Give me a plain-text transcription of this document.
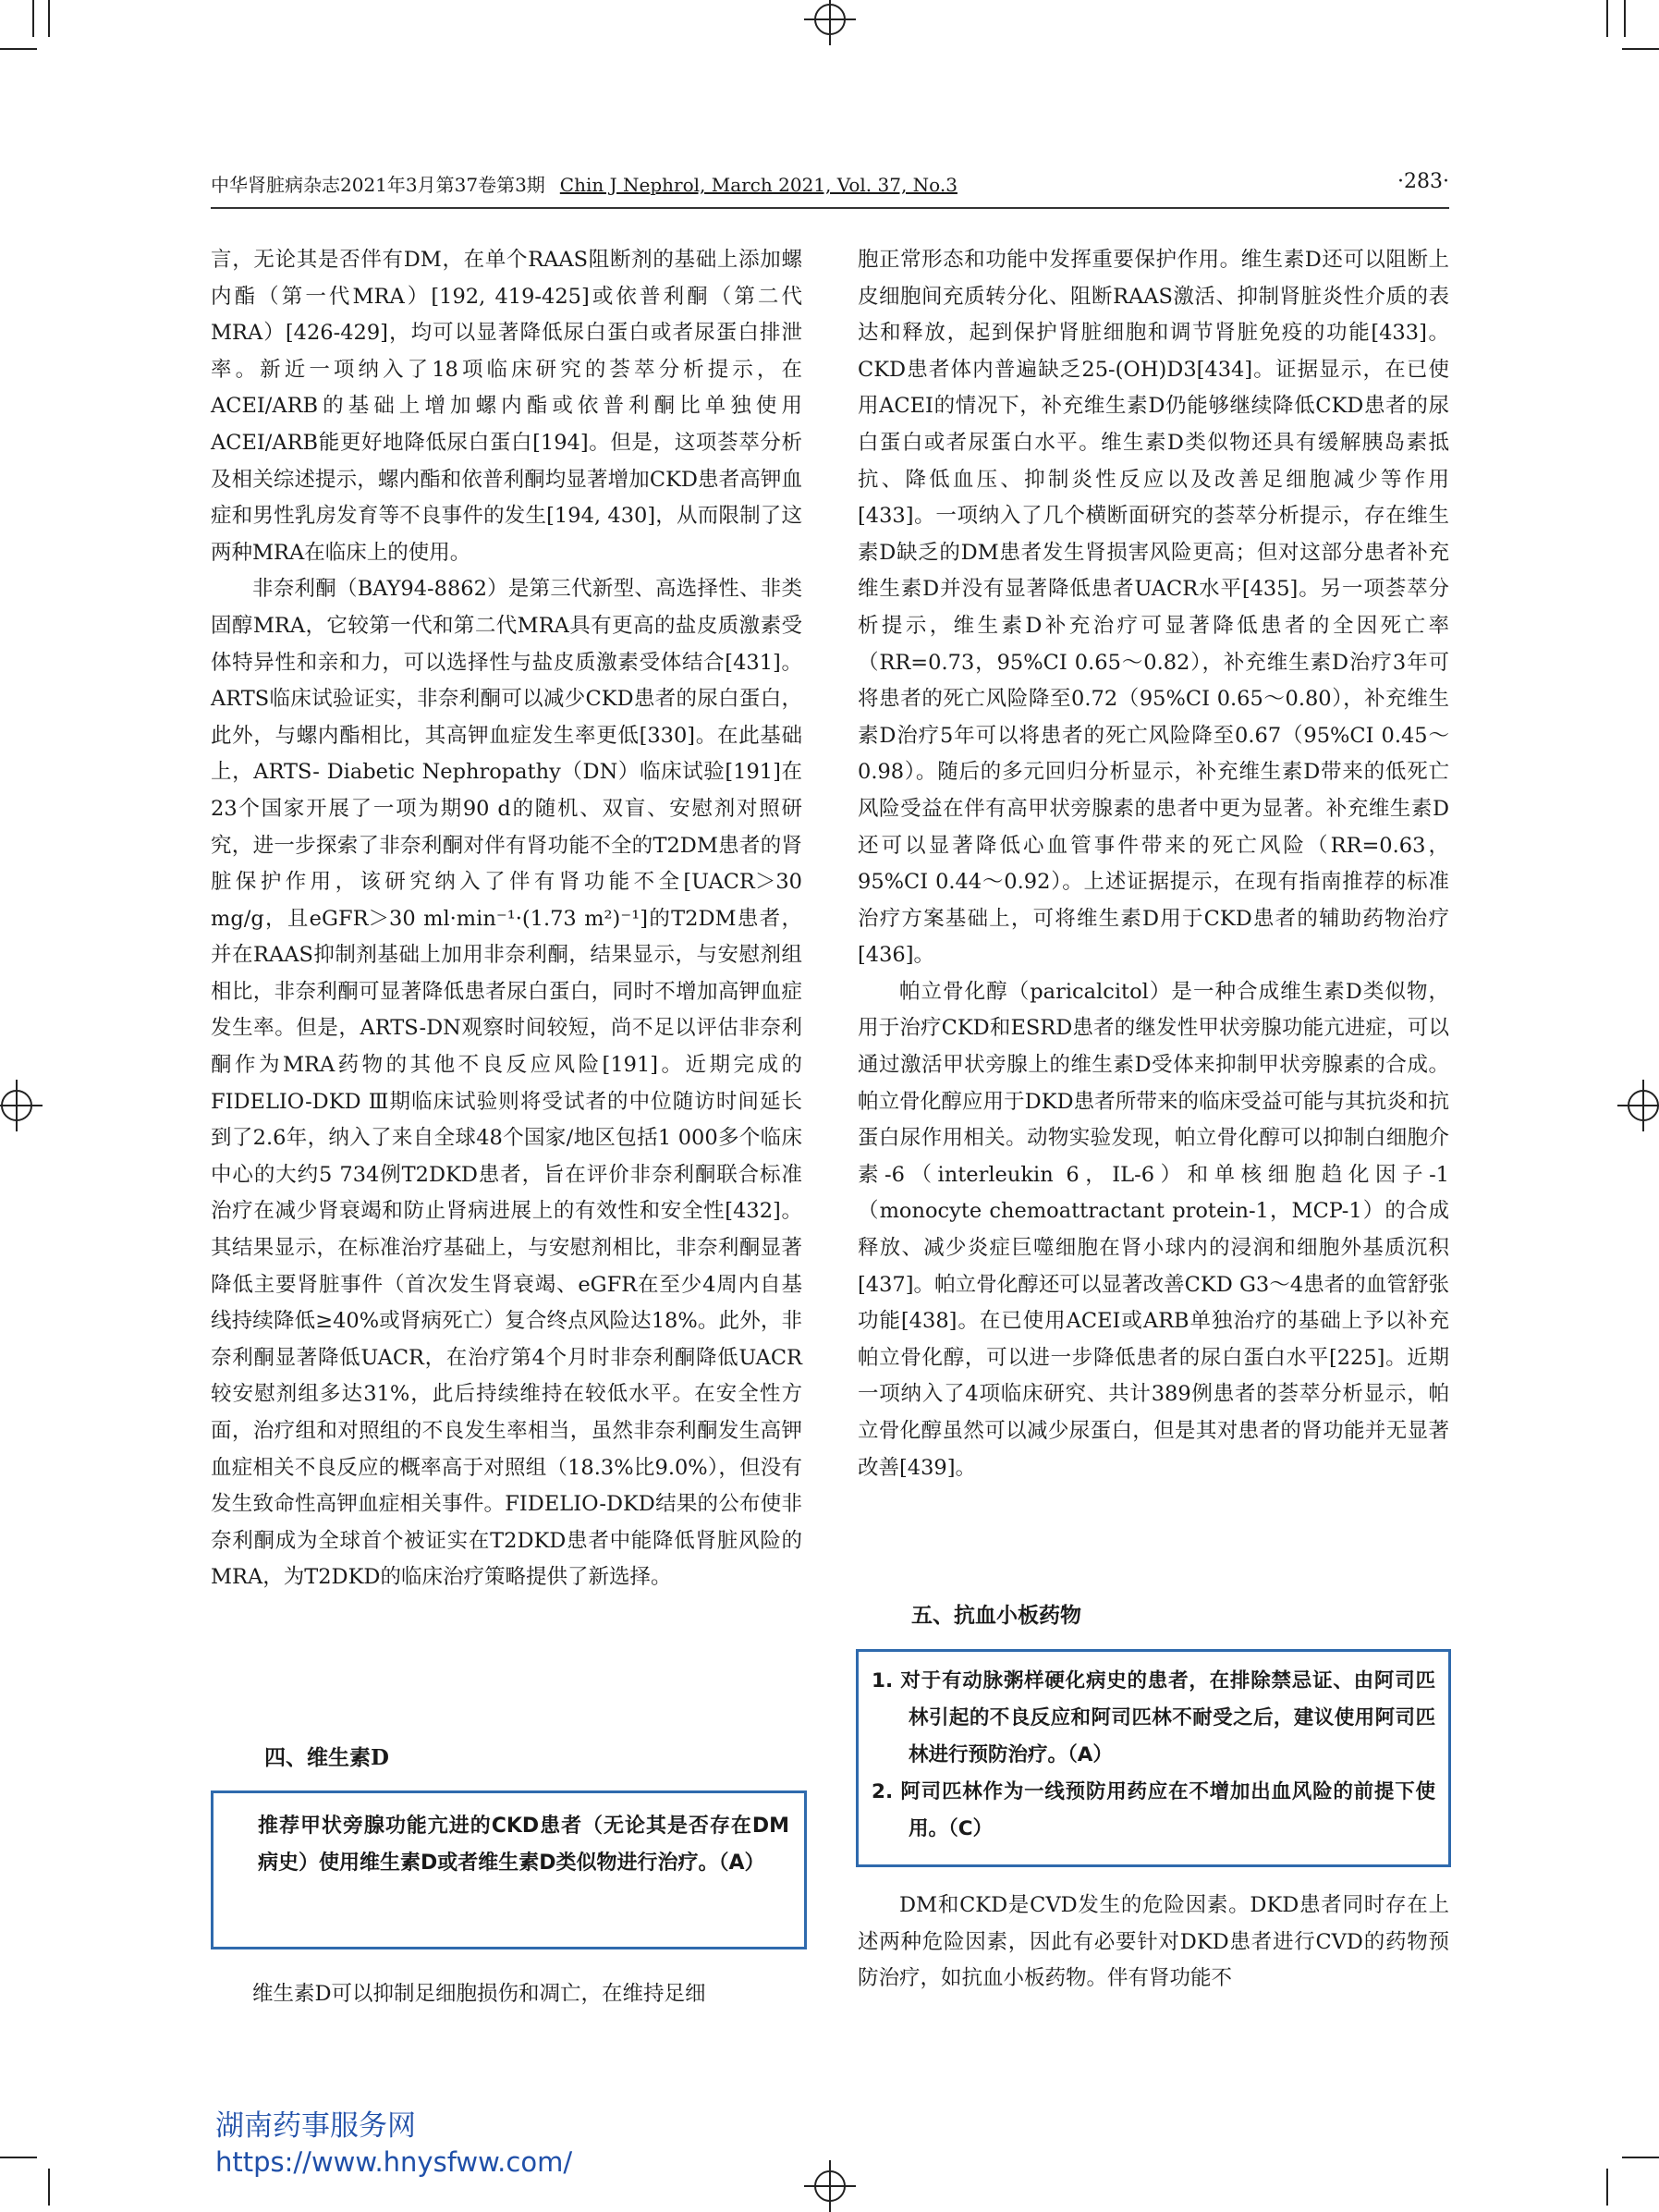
中华肾脏病杂志2021年3月第37卷第3期 Chin J Nephrol, March 2021, Vol. 37, No.3	·283·

言，无论其是否伴有DM，在单个RAAS阻断剂的基础上添加螺内酯（第一代MRA）[192, 419-425]或依普利酮（第二代MRA）[426-429]，均可以显著降低尿白蛋白或者尿蛋白排泄率。新近一项纳入了18项临床研究的荟萃分析提示，在ACEI/ARB的基础上增加螺内酯或依普利酮比单独使用ACEI/ARB能更好地降低尿白蛋白[194]。但是，这项荟萃分析及相关综述提示，螺内酯和依普利酮均显著增加CKD患者高钾血症和男性乳房发育等不良事件的发生[194, 430]，从而限制了这两种MRA在临床上的使用。

非奈利酮（BAY94-8862）是第三代新型、高选择性、非类固醇MRA，它较第一代和第二代MRA具有更高的盐皮质激素受体特异性和亲和力，可以选择性与盐皮质激素受体结合[431]。ARTS临床试验证实，非奈利酮可以减少CKD患者的尿白蛋白，此外，与螺内酯相比，其高钾血症发生率更低[330]。在此基础上，ARTS- Diabetic Nephropathy（DN）临床试验[191]在23个国家开展了一项为期90 d的随机、双盲、安慰剂对照研究，进一步探索了非奈利酮对伴有肾功能不全的T2DM患者的肾脏保护作用，该研究纳入了伴有肾功能不全[UACR＞30 mg/g，且eGFR＞30 ml·min⁻¹·(1.73 m²)⁻¹]的T2DM患者，并在RAAS抑制剂基础上加用非奈利酮，结果显示，与安慰剂组相比，非奈利酮可显著降低患者尿白蛋白，同时不增加高钾血症发生率。但是，ARTS-DN观察时间较短，尚不足以评估非奈利酮作为MRA药物的其他不良反应风险[191]。近期完成的FIDELIO-DKD Ⅲ期临床试验则将受试者的中位随访时间延长到了2.6年，纳入了来自全球48个国家/地区包括1 000多个临床中心的大约5 734例T2DKD患者，旨在评价非奈利酮联合标准治疗在减少肾衰竭和防止肾病进展上的有效性和安全性[432]。其结果显示，在标准治疗基础上，与安慰剂相比，非奈利酮显著降低主要肾脏事件（首次发生肾衰竭、eGFR在至少4周内自基线持续降低≥40%或肾病死亡）复合终点风险达18%。此外，非奈利酮显著降低UACR，在治疗第4个月时非奈利酮降低UACR较安慰剂组多达31%，此后持续维持在较低水平。在安全性方面，治疗组和对照组的不良发生率相当，虽然非奈利酮发生高钾血症相关不良反应的概率高于对照组（18.3%比9.0%），但没有发生致命性高钾血症相关事件。FIDELIO-DKD结果的公布使非奈利酮成为全球首个被证实在T2DKD患者中能降低肾脏风险的MRA，为T2DKD的临床治疗策略提供了新选择。

四、维生素D

推荐甲状旁腺功能亢进的CKD患者（无论其是否存在DM病史）使用维生素D或者维生素D类似物进行治疗。（A）

维生素D可以抑制足细胞损伤和凋亡，在维持足细

胞正常形态和功能中发挥重要保护作用。维生素D还可以阻断上皮细胞间充质转分化、阻断RAAS激活、抑制肾脏炎性介质的表达和释放，起到保护肾脏细胞和调节肾脏免疫的功能[433]。CKD患者体内普遍缺乏25-(OH)D3[434]。证据显示，在已使用ACEI的情况下，补充维生素D仍能够继续降低CKD患者的尿白蛋白或者尿蛋白水平。维生素D类似物还具有缓解胰岛素抵抗、降低血压、抑制炎性反应以及改善足细胞减少等作用[433]。一项纳入了几个横断面研究的荟萃分析提示，存在维生素D缺乏的DM患者发生肾损害风险更高；但对这部分患者补充维生素D并没有显著降低患者UACR水平[435]。另一项荟萃分析提示，维生素D补充治疗可显著降低患者的全因死亡率（RR=0.73，95%CI 0.65～0.82），补充维生素D治疗3年可将患者的死亡风险降至0.72（95%CI 0.65～0.80），补充维生素D治疗5年可以将患者的死亡风险降至0.67（95%CI 0.45～0.98）。随后的多元回归分析显示，补充维生素D带来的低死亡风险受益在伴有高甲状旁腺素的患者中更为显著。补充维生素D还可以显著降低心血管事件带来的死亡风险（RR=0.63，95%CI 0.44～0.92）。上述证据提示，在现有指南推荐的标准治疗方案基础上，可将维生素D用于CKD患者的辅助药物治疗[436]。

帕立骨化醇（paricalcitol）是一种合成维生素D类似物，用于治疗CKD和ESRD患者的继发性甲状旁腺功能亢进症，可以通过激活甲状旁腺上的维生素D受体来抑制甲状旁腺素的合成。帕立骨化醇应用于DKD患者所带来的临床受益可能与其抗炎和抗蛋白尿作用相关。动物实验发现，帕立骨化醇可以抑制白细胞介素-6（interleukin 6，IL-6）和单核细胞趋化因子-1（monocyte chemoattractant protein-1，MCP-1）的合成释放、减少炎症巨噬细胞在肾小球内的浸润和细胞外基质沉积[437]。帕立骨化醇还可以显著改善CKD G3～4患者的血管舒张功能[438]。在已使用ACEI或ARB单独治疗的基础上予以补充帕立骨化醇，可以进一步降低患者的尿白蛋白水平[225]。近期一项纳入了4项临床研究、共计389例患者的荟萃分析显示，帕立骨化醇虽然可以减少尿蛋白，但是其对患者的肾功能并无显著改善[439]。

五、抗血小板药物
1. 对于有动脉粥样硬化病史的患者，在排除禁忌证、由阿司匹林引起的不良反应和阿司匹林不耐受之后，建议使用阿司匹林进行预防治疗。（A）
2. 阿司匹林作为一线预防用药应在不增加出血风险的前提下使用。（C）

DM和CKD是CVD发生的危险因素。DKD患者同时存在上述两种危险因素，因此有必要针对DKD患者进行CVD的药物预防治疗，如抗血小板药物。伴有肾功能不

湖南药事服务网
https://www.hnysfww.com/
